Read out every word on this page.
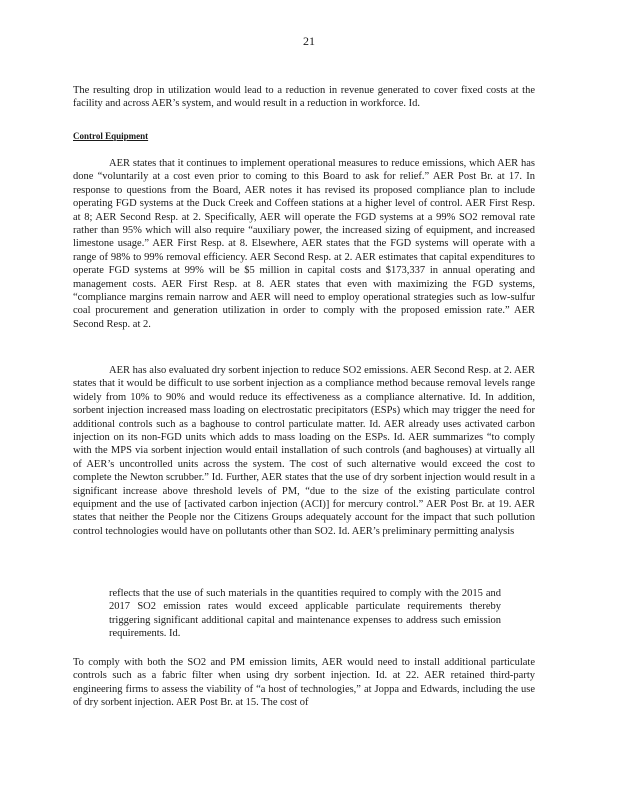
21

The resulting drop in utilization would lead to a reduction in revenue generated to cover fixed costs at the facility and across AER’s system, and would result in a reduction in workforce. Id.

Control Equipment

AER states that it continues to implement operational measures to reduce emissions, which AER has done “voluntarily at a cost even prior to coming to this Board to ask for relief.” AER Post Br. at 17. In response to questions from the Board, AER notes it has revised its proposed compliance plan to include operating FGD systems at the Duck Creek and Coffeen stations at a higher level of control. AER First Resp. at 8; AER Second Resp. at 2. Specifically, AER will operate the FGD systems at a 99% SO2 removal rate rather than 95% which will also require “auxiliary power, the increased sizing of equipment, and increased limestone usage.” AER First Resp. at 8. Elsewhere, AER states that the FGD systems will operate with a range of 98% to 99% removal efficiency. AER Second Resp. at 2. AER estimates that capital expenditures to operate FGD systems at 99% will be $5 million in capital costs and $173,337 in annual operating and management costs. AER First Resp. at 8. AER states that even with maximizing the FGD systems, “compliance margins remain narrow and AER will need to employ operational strategies such as low-sulfur coal procurement and generation utilization in order to comply with the proposed emission rate.” AER Second Resp. at 2.

AER has also evaluated dry sorbent injection to reduce SO2 emissions. AER Second Resp. at 2. AER states that it would be difficult to use sorbent injection as a compliance method because removal levels range widely from 10% to 90% and would reduce its effectiveness as a compliance alternative. Id. In addition, sorbent injection increased mass loading on electrostatic precipitators (ESPs) which may trigger the need for additional controls such as a baghouse to control particulate matter. Id. AER already uses activated carbon injection on its non-FGD units which adds to mass loading on the ESPs. Id. AER summarizes “to comply with the MPS via sorbent injection would entail installation of such controls (and baghouses) at virtually all of AER’s uncontrolled units across the system. The cost of such alternative would exceed the cost to complete the Newton scrubber.” Id. Further, AER states that the use of dry sorbent injection would result in a significant increase above threshold levels of PM, “due to the size of the existing particulate control equipment and the use of [activated carbon injection (ACI)] for mercury control.” AER Post Br. at 19. AER states that neither the People nor the Citizens Groups adequately account for the impact that such pollution control technologies would have on pollutants other than SO2. Id. AER’s preliminary permitting analysis

reflects that the use of such materials in the quantities required to comply with the 2015 and 2017 SO2 emission rates would exceed applicable particulate requirements thereby triggering significant additional capital and maintenance expenses to address such emission requirements. Id.

To comply with both the SO2 and PM emission limits, AER would need to install additional particulate controls such as a fabric filter when using dry sorbent injection. Id. at 22. AER retained third-party engineering firms to assess the viability of “a host of technologies,” at Joppa and Edwards, including the use of dry sorbent injection. AER Post Br. at 15. The cost of
